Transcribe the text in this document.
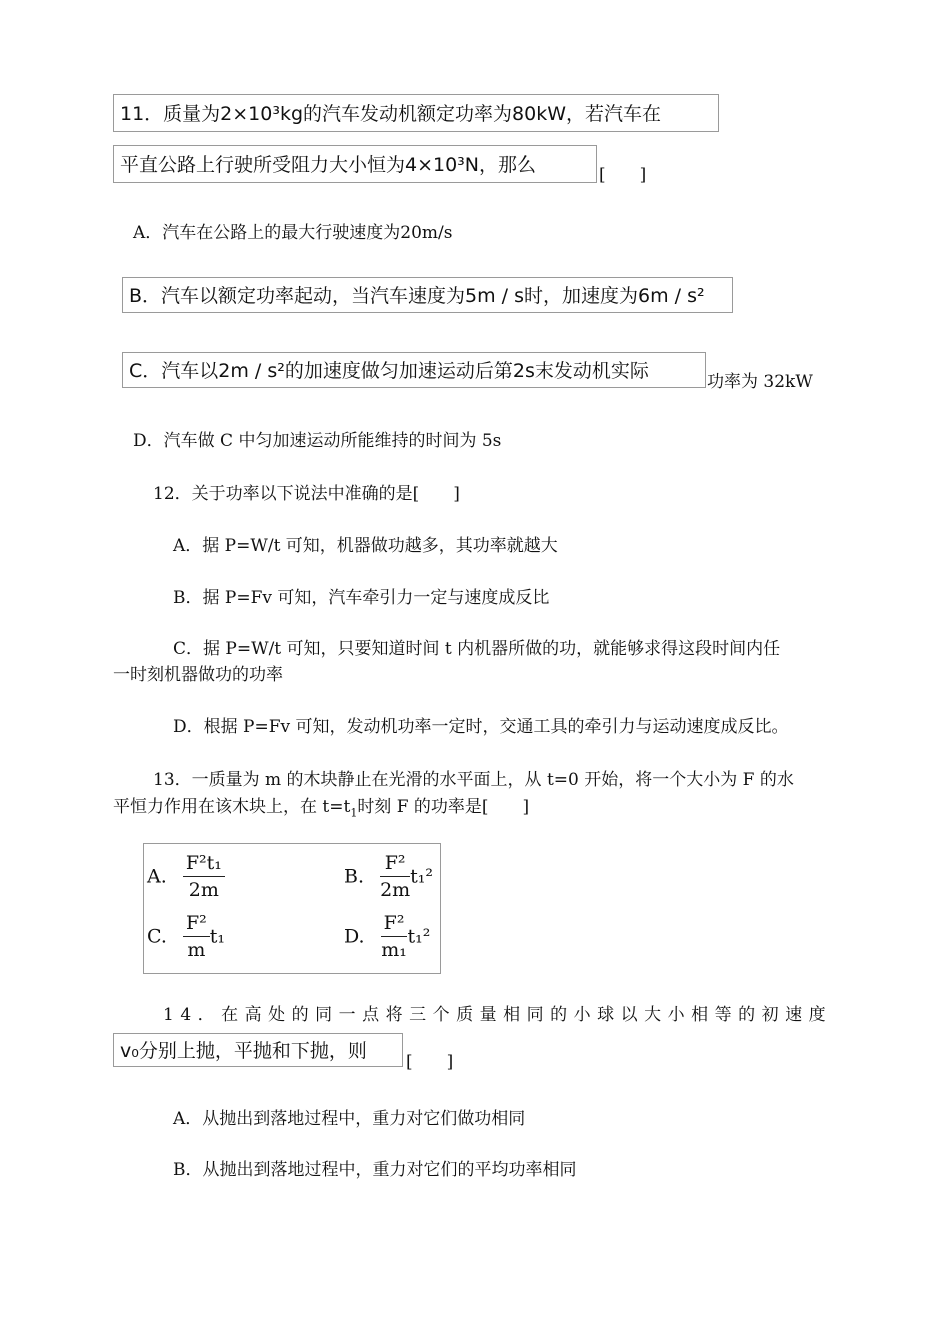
11．质量为2×10³kg的汽车发动机额定功率为80kW，若汽车在
平直公路上行驶所受阻力大小恒为4×10³N，那么	[　　]
A．汽车在公路上的最大行驶速度为20m/s
B．汽车以额定功率起动，当汽车速度为5m / s时，加速度为6m / s²
C．汽车以2m / s²的加速度做匀加速运动后第2s末发动机实际	功率为 32kW
D．汽车做 C 中匀加速运动所能维持的时间为 5s
12．关于功率以下说法中准确的是[　　]
A．据 P=W/t 可知，机器做功越多，其功率就越大
B．据 P=Fv 可知，汽车牵引力一定与速度成反比
C．据 P=W/t 可知，只要知道时间 t 内机器所做的功，就能够求得这段时间内任
一时刻机器做功的功率
D．根据 P=Fv 可知，发动机功率一定时，交通工具的牵引力与运动速度成反比。
13．一质量为 m 的木块静止在光滑的水平面上，从 t=0 开始，将一个大小为 F 的水
平恒力作用在该木块上，在 $t=t_1$时刻 F 的功率是[　　]
A. $\frac{\text{F²t₁}}{2m}$	B. $\frac{\text{F²}}{2m} t_1^2$
C. $\frac{\text{F²}}{m} t_1$	D. $\frac{\text{F²}}{\text{m₁}} t_1^2$
14．在高处的同一点将三个质量相同的小球以大小相等的初速度
v₀分别上抛，平抛和下抛，则	[　　]
A．从抛出到落地过程中，重力对它们做功相同
B．从抛出到落地过程中，重力对它们的平均功率相同
